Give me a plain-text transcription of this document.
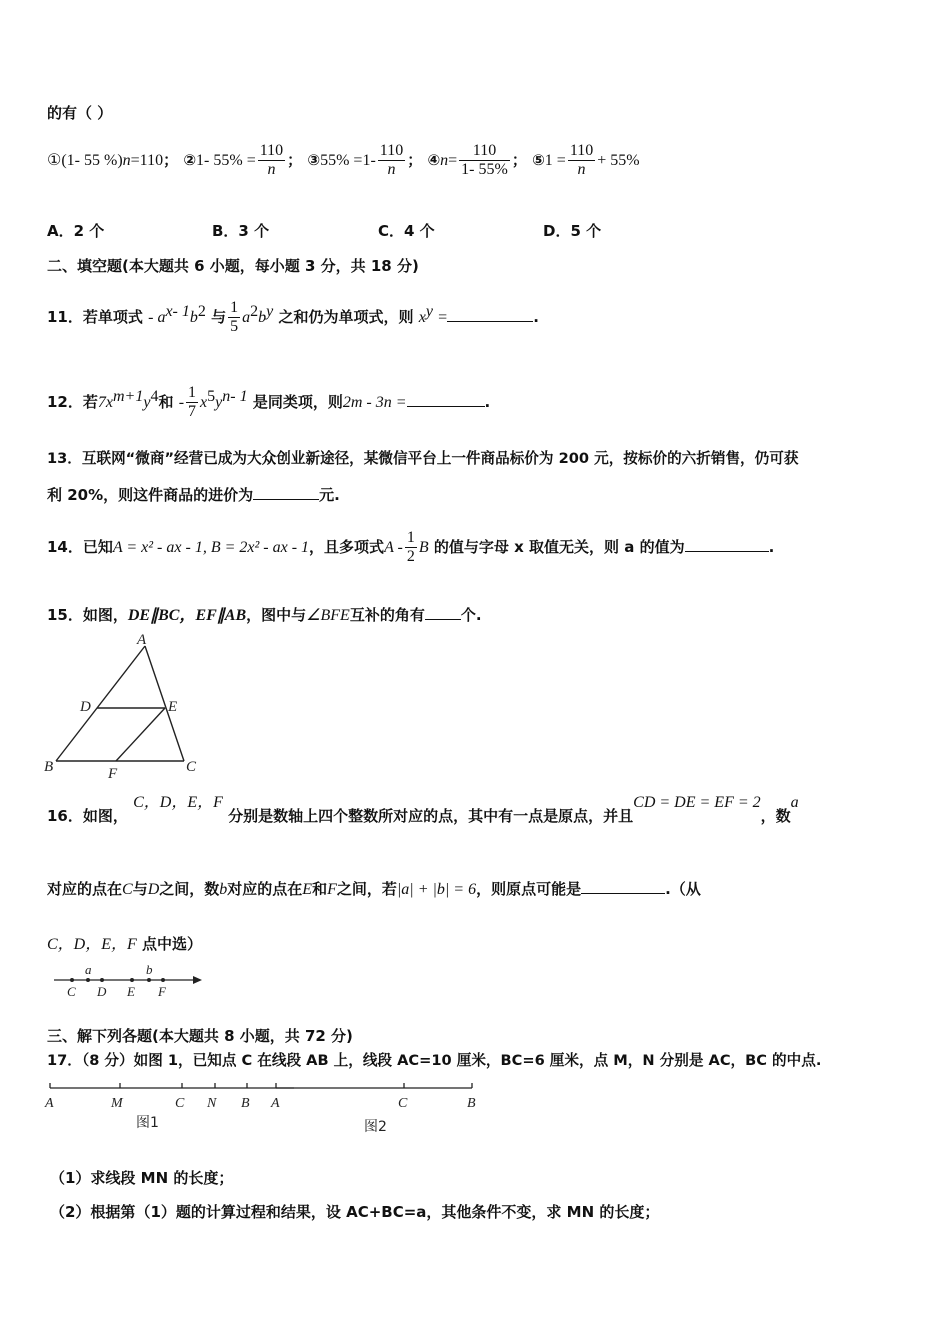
的有（ ）
①(1- 55 %)n=110； ②1- $55\% = \frac{110}{n}$ ； ③55% $=1- \frac{110}{n}$ ； ④n= $\frac{110}{1- 55\%}$ ； ⑤1 = $\frac{110}{n} + 55\%$
A．2 个	B．3 个	C．4 个	D．5 个
二、填空题(本大题共 6 小题，每小题 3 分，共 18 分)
11．若单项式 - $a^{x- 1}b^2$ 与 $\frac{1}{5} a^2b^y$ 之和仍为单项式，则 $x^y$ =	.
12．若$7x^{m+1}y^4$和 - $\frac{1}{7} x^5y^{n- 1}$ 是同类项，则2m - 3n =	.
13．互联网“微商”经营已成为大众创业新途径，某微信平台上一件商品标价为 200 元，按标价的六折销售，仍可获
利 20%，则这件商品的进价为	元.
14．已知A = x² - ax - 1, B = 2x² - ax - 1，且多项式A - $\frac{1}{2}$ B 的值与字母 x 取值无关，则 a 的值为	.
15．如图，DE∥BC，EF∥AB，图中与∠BFE互补的角有 个.
A
D	E
B	F	C
16．如图， C，D，E，F 分别是数轴上四个整数所对应的点，其中有一点是原点，并且CD = DE = EF = 2，数a
对应的点在C与D之间，数b对应的点在E和F之间，若|a| + |b| = 6，则原点可能是	.（从
C，D，E，F 点中选）
a	b
C D E F
三、解下列各题(本大题共 8 小题，共 72 分)
17．（8 分）如图 1，已知点 C 在线段 AB 上，线段 AC=10 厘米，BC=6 厘米，点 M，N 分别是 AC，BC 的中点.
A	M	C N B
图1
A	C	B
图2
（1）求线段 MN 的长度；
（2）根据第（1）题的计算过程和结果，设 AC+BC=a，其他条件不变，求 MN 的长度；
